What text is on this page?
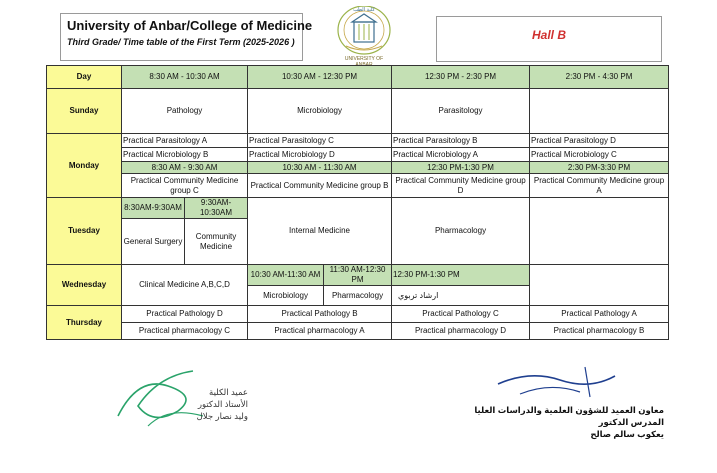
University of Anbar/College of Medicine
Third Grade/ Time table of the First Term (2025-2026 )
كلية الطب
UNIVERSITY OF
Hall B
Day	8:30 AM - 10:30 AM		10:30 AM - 12:30 PM		12:30 PM - 2:30 PM	2:30 PM - 4:30 PM
Sunday	Pathology		Microbiology		Parasitology	
Monday	Practical Parasitology A		Practical Parasitology C		Practical Parasitology B	Practical Parasitology D
	Practical Microbiology B		Practical Microbiology D		Practical Microbiology A	Practical Microbiology C
	8:30 AM - 9:30 AM		10:30 AM - 11:30 AM		12:30 PM-1:30 PM	2:30 PM-3:30 PM
	Practical Community Medicine group C		Practical Community Medicine group B		Practical Community Medicine group D	Practical Community Medicine group A
Tuesday	8:30AM-9:30AM	9:30AM-10:30AM	Internal Medicine		Pharmacology	
	General Surgery	Community Medicine				
Wednesday	Clinical Medicine A,B,C,D		10:30 AM-11:30 AM	11:30 AM-12:30 PM	12:30 PM-1:30 PM	
			Microbiology	Pharmacology	ارشاد تربوي	
Thursday	Practical Pathology D		Practical Pathology B		Practical Pathology C	Practical Pathology A
	Practical pharmacology C		Practical pharmacology A		Practical pharmacology D	Practical pharmacology B
عميد الكلية
الأستاذ الدكتور
وليد نصار جلال
معاون العميد للشؤون العلمية والدراسات العليا
المدرس الدكتور
يعكوب سالم صالح
